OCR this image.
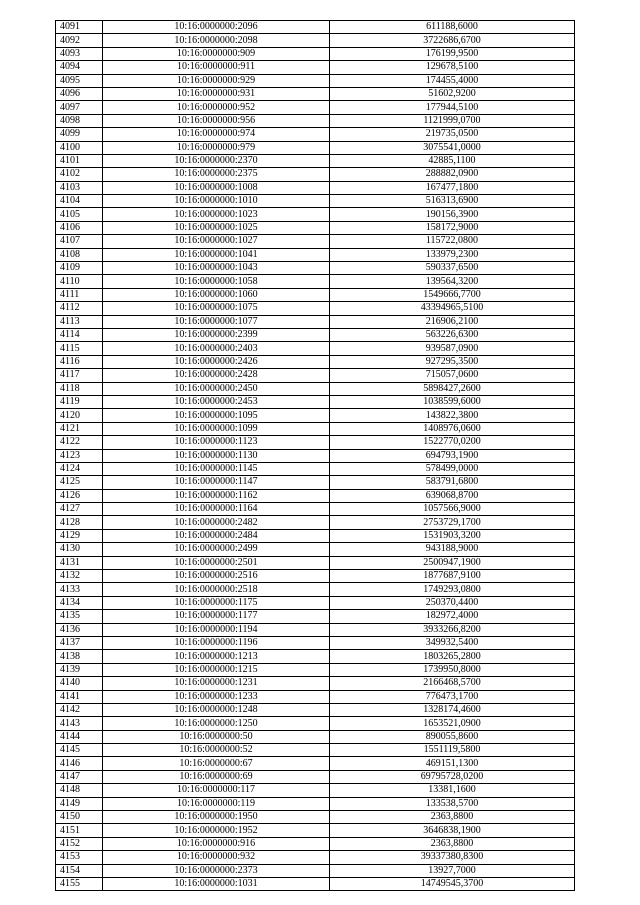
4091	10:16:0000000:2096	611188,6000
4092	10:16:0000000:2098	3722686,6700
4093	10:16:0000000:909	176199,9500
4094	10:16:0000000:911	129678,5100
4095	10:16:0000000:929	174455,4000
4096	10:16:0000000:931	51602,9200
4097	10:16:0000000:952	177944,5100
4098	10:16:0000000:956	1121999,0700
4099	10:16:0000000:974	219735,0500
4100	10:16:0000000:979	3075541,0000
4101	10:16:0000000:2370	42885,1100
4102	10:16:0000000:2375	288882,0900
4103	10:16:0000000:1008	167477,1800
4104	10:16:0000000:1010	516313,6900
4105	10:16:0000000:1023	190156,3900
4106	10:16:0000000:1025	158172,9000
4107	10:16:0000000:1027	115722,0800
4108	10:16:0000000:1041	133979,2300
4109	10:16:0000000:1043	590337,6500
4110	10:16:0000000:1058	139564,3200
4111	10:16:0000000:1060	1549666,7700
4112	10:16:0000000:1075	43394965,5100
4113	10:16:0000000:1077	216906,2100
4114	10:16:0000000:2399	563226,6300
4115	10:16:0000000:2403	939587,0900
4116	10:16:0000000:2426	927295,3500
4117	10:16:0000000:2428	715057,0600
4118	10:16:0000000:2450	5898427,2600
4119	10:16:0000000:2453	1038599,6000
4120	10:16:0000000:1095	143822,3800
4121	10:16:0000000:1099	1408976,0600
4122	10:16:0000000:1123	1522770,0200
4123	10:16:0000000:1130	694793,1900
4124	10:16:0000000:1145	578499,0000
4125	10:16:0000000:1147	583791,6800
4126	10:16:0000000:1162	639068,8700
4127	10:16:0000000:1164	1057566,9000
4128	10:16:0000000:2482	2753729,1700
4129	10:16:0000000:2484	1531903,3200
4130	10:16:0000000:2499	943188,9000
4131	10:16:0000000:2501	2500947,1900
4132	10:16:0000000:2516	1877687,9100
4133	10:16:0000000:2518	1749293,0800
4134	10:16:0000000:1175	250370,4400
4135	10:16:0000000:1177	182972,4000
4136	10:16:0000000:1194	3933266,8200
4137	10:16:0000000:1196	349932,5400
4138	10:16:0000000:1213	1803265,2800
4139	10:16:0000000:1215	1739950,8000
4140	10:16:0000000:1231	2166468,5700
4141	10:16:0000000:1233	776473,1700
4142	10:16:0000000:1248	1328174,4600
4143	10:16:0000000:1250	1653521,0900
4144	10:16:0000000:50	890055,8600
4145	10:16:0000000:52	1551119,5800
4146	10:16:0000000:67	469151,1300
4147	10:16:0000000:69	69795728,0200
4148	10:16:0000000:117	13381,1600
4149	10:16:0000000:119	133538,5700
4150	10:16:0000000:1950	2363,8800
4151	10:16:0000000:1952	3646838,1900
4152	10:16:0000000:916	2363,8800
4153	10:16:0000000:932	39337380,8300
4154	10:16:0000000:2373	13927,7000
4155	10:16:0000000:1031	14749545,3700
